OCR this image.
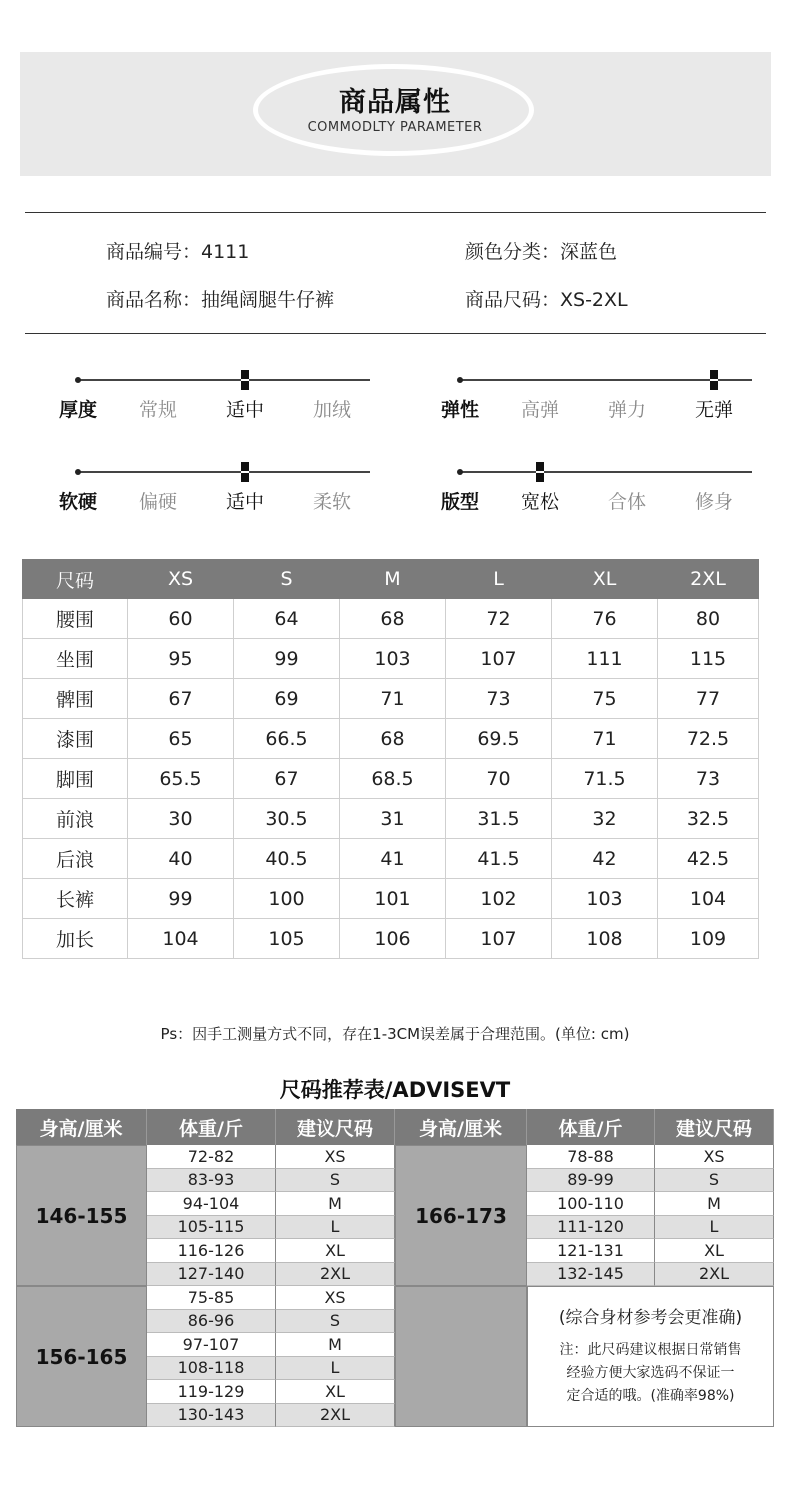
商品属性
COMMODLTY PARAMETER
商品编号：4111	颜色分类：深蓝色
商品名称：抽绳阔腿牛仔裤	商品尺码：XS-2XL
厚度	常规	适中	加绒	弹性	高弹	弹力	无弹
软硬	偏硬	适中	柔软	版型	宽松	合体	修身
尺码	XS	S	M	L	XL	2XL
腰围	60	64	68	72	76	80
坐围	95	99	103	107	111	115
髀围	67	69	71	73	75	77
漆围	65	66.5	68	69.5	71	72.5
脚围	65.5	67	68.5	70	71.5	73
前浪	30	30.5	31	31.5	32	32.5
后浪	40	40.5	41	41.5	42	42.5
长裤	99	100	101	102	103	104
加长	104	105	106	107	108	109
Ps：因手工测量方式不同，存在1-3CM误差属于合理范围。(单位: cm)
尺码推荐表/ADVISEVT
身高/厘米	体重/斤	建议尺码	身高/厘米	体重/斤	建议尺码
146-155
72-82	XS
83-93	S
94-104	M
105-115	L
116-126	XL
127-140	2XL
156-165
75-85	XS
86-96	S
97-107	M
108-118	L
119-129	XL
130-143	2XL
166-173
78-88	XS
89-99	S
100-110	M
111-120	L
121-131	XL
132-145	2XL
(综合身材参考会更准确)
注：此尺码建议根据日常销售
经验方便大家选码不保证一
定合适的哦。(准确率98%)
